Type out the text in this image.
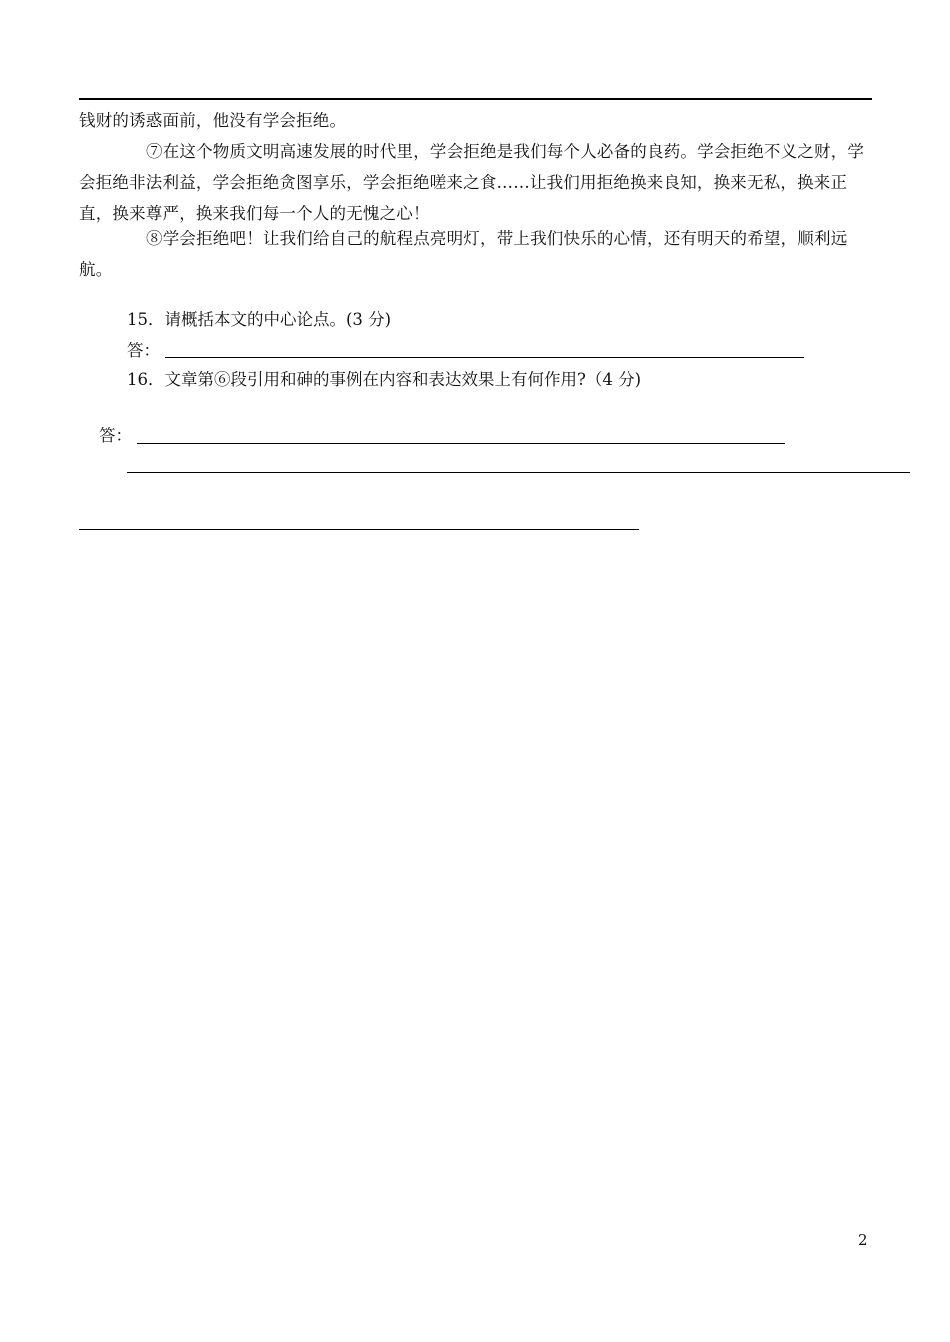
钱财的诱惑面前，他没有学会拒绝。

⑦在这个物质文明高速发展的时代里，学会拒绝是我们每个人必备的良药。学会拒绝不义之财，学会拒绝非法利益，学会拒绝贪图享乐，学会拒绝嗟来之食……让我们用拒绝换来良知，换来无私，换来正直，换来尊严，换来我们每一个人的无愧之心！

⑧学会拒绝吧！让我们给自己的航程点亮明灯，带上我们快乐的心情，还有明天的希望，顺利远航。

15．请概括本文的中心论点。(3 分)
答：
16．文章第⑥段引用和砷的事例在内容和表达效果上有何作用?（4 分)
答：
2
